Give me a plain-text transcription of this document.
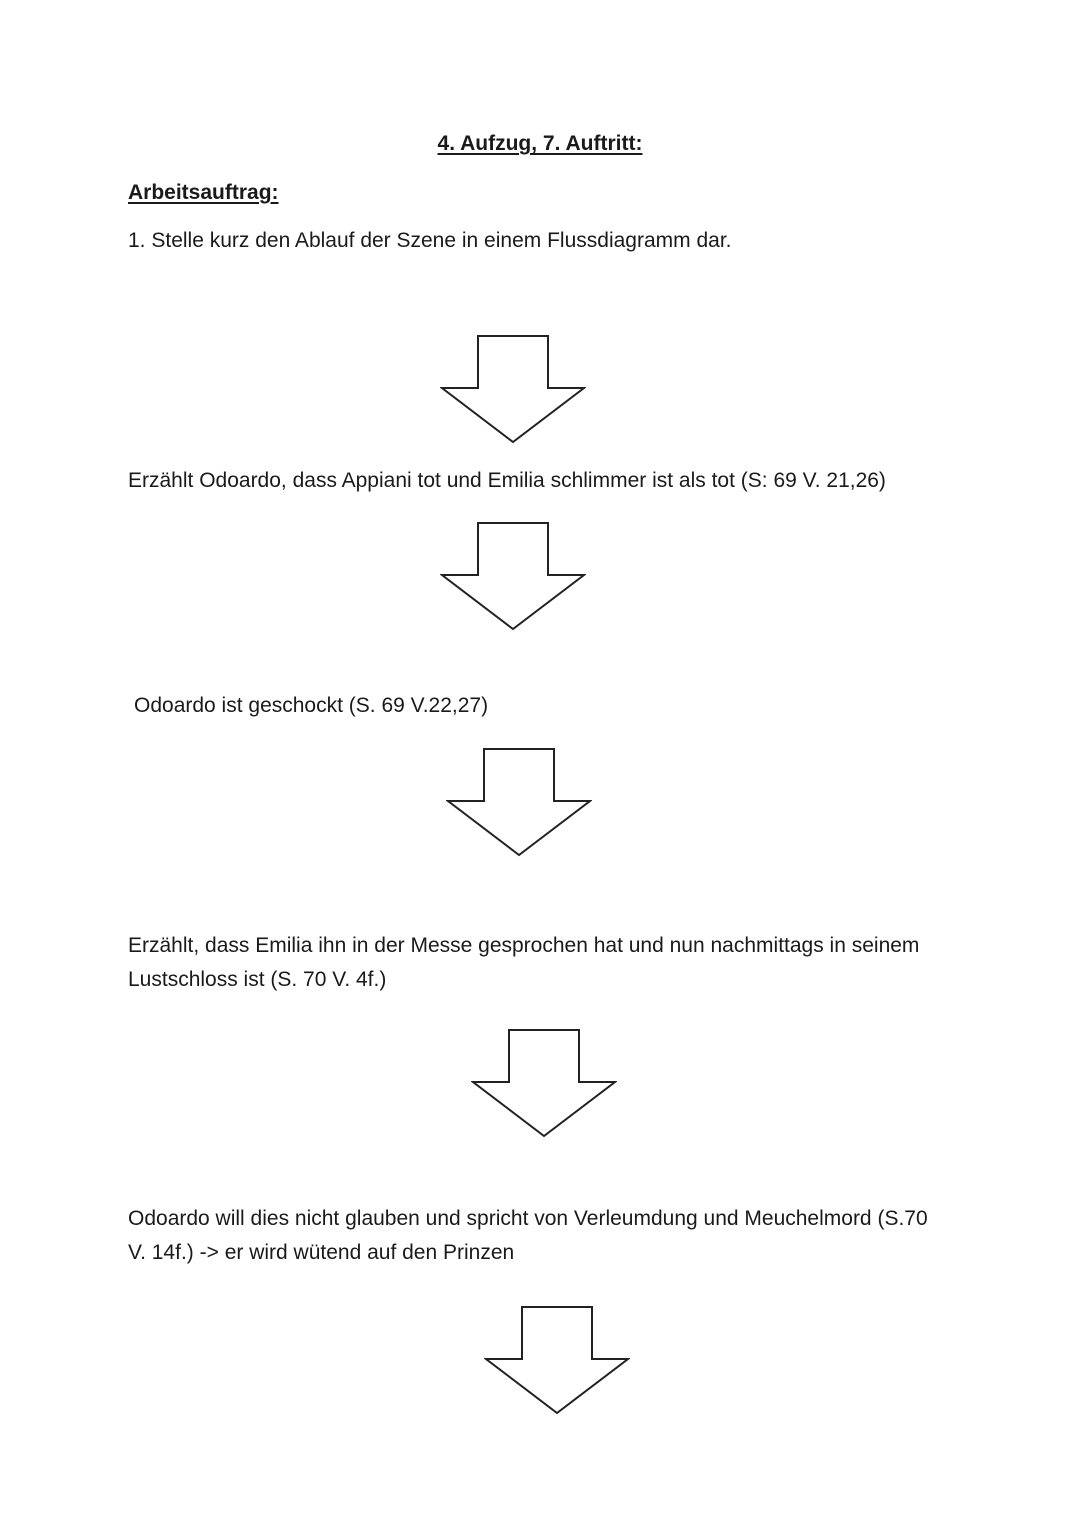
4. Aufzug, 7. Auftritt:
Arbeitsauftrag:
1. Stelle kurz den Ablauf der Szene in einem Flussdiagramm dar.
Erzählt Odoardo, dass Appiani tot und Emilia schlimmer ist als tot (S: 69 V. 21,26)
Odoardo ist geschockt (S. 69 V.22,27)
Erzählt, dass Emilia ihn in der Messe gesprochen hat und nun nachmittags in seinem Lustschloss ist (S. 70 V. 4f.)
Odoardo will dies nicht glauben und spricht von Verleumdung und Meuchelmord (S.70 V. 14f.) -> er wird wütend auf den Prinzen
